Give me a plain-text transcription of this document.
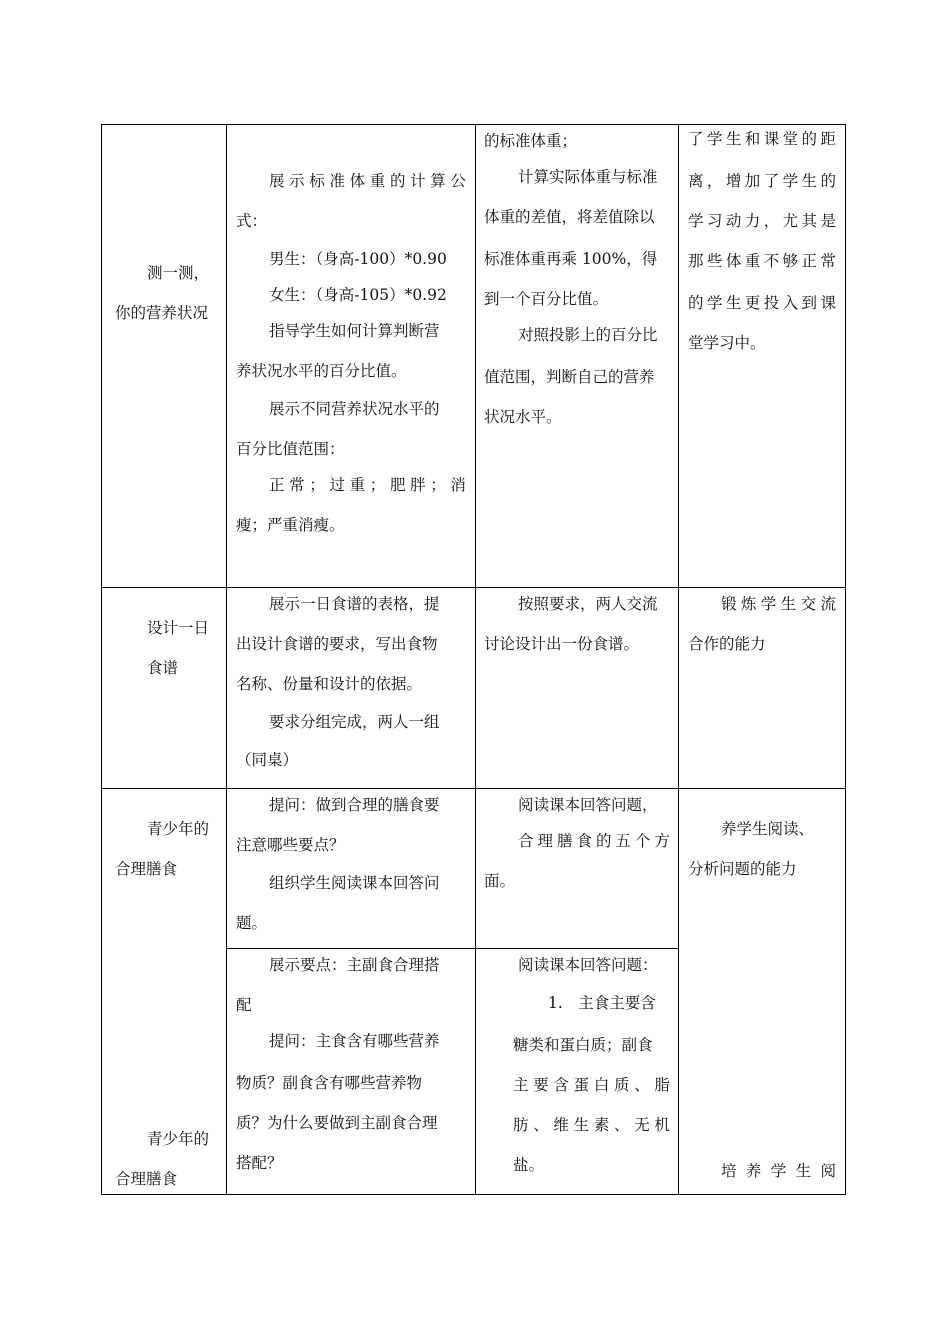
测一测，
你的营养状况
展 示 标 准 体 重 的 计 算 公
式：
男生：（身高-100）*0.90
女生：（身高-105）*0.92
指导学生如何计算判断营
养状况水平的百分比值。
展示不同营养状况水平的
百分比值范围：
正 常 ； 过 重 ； 肥 胖 ； 消
瘦；严重消瘦。
的标准体重；
计算实际体重与标准
体重的差值，将差值除以
标准体重再乘 100%，得
到一个百分比值。
对照投影上的百分比
值范围，判断自己的营养
状况水平。
了 学 生 和 课 堂 的 距
离 ， 增 加 了 学 生 的
学 习 动 力 ， 尤 其 是
那 些 体 重 不 够 正 常
的 学 生 更 投 入 到 课
堂学习中。
设计一日
食谱
展示一日食谱的表格，提
出设计食谱的要求，写出食物
名称、份量和设计的依据。
要求分组完成，两人一组
（同桌）
按照要求，两人交流
讨论设计出一份食谱。
锻 炼 学 生 交 流
合作的能力
青少年的
合理膳食
青少年的
合理膳食
提问：做到合理的膳食要
注意哪些要点？
组织学生阅读课本回答问
题。
阅读课本回答问题，
合 理 膳 食 的 五 个 方
面。
养学生阅读、
分析问题的能力
培 养 学 生 阅
展示要点：主副食合理搭
配
提问：主食含有哪些营养
物质？副食含有哪些营养物
质？为什么要做到主副食合理
搭配？
阅读课本回答问题：
1.　主食主要含
糖类和蛋白质；副食
主 要 含 蛋 白 质 、 脂
肪 、 维 生 素 、 无 机
盐。
